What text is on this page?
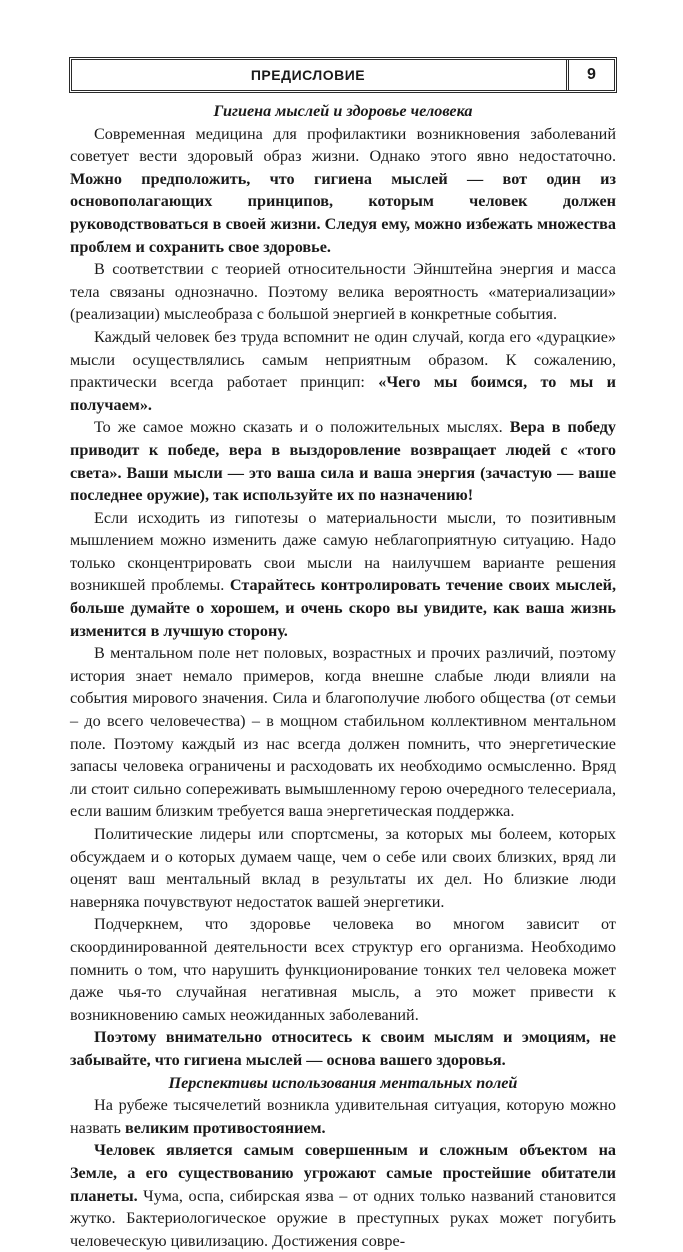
ПРЕДИСЛОВИЕ	9
Гигиена мыслей и здоровье человека

Современная медицина для профилактики возникновения заболеваний советует вести здоровый образ жизни. Однако этого явно недостаточно. Можно предположить, что гигиена мыслей — вот один из основополагающих принципов, которым человек должен руководствоваться в своей жизни. Следуя ему, можно избежать множества проблем и сохранить свое здоровье.

В соответствии с теорией относительности Эйнштейна энергия и масса тела связаны однозначно. Поэтому велика вероятность «материализации» (реализации) мыслеобраза с большой энергией в конкретные события.

Каждый человек без труда вспомнит не один случай, когда его «дурацкие» мысли осуществлялись самым неприятным образом. К сожалению, практически всегда работает принцип: «Чего мы боимся, то мы и получаем».

То же самое можно сказать и о положительных мыслях. Вера в победу приводит к победе, вера в выздоровление возвращает людей с «того света». Ваши мысли — это ваша сила и ваша энергия (зачастую — ваше последнее оружие), так используйте их по назначению!

Если исходить из гипотезы о материальности мысли, то позитивным мышлением можно изменить даже самую неблагоприятную ситуацию. Надо только сконцентрировать свои мысли на наилучшем варианте решения возникшей проблемы. Старайтесь контролировать течение своих мыслей, больше думайте о хорошем, и очень скоро вы увидите, как ваша жизнь изменится в лучшую сторону.

В ментальном поле нет половых, возрастных и прочих различий, поэтому история знает немало примеров, когда внешне слабые люди влияли на события мирового значения. Сила и благополучие любого общества (от семьи – до всего человечества) – в мощном стабильном коллективном ментальном поле. Поэтому каждый из нас всегда должен помнить, что энергетические запасы человека ограничены и расходовать их необходимо осмысленно. Вряд ли стоит сильно сопереживать вымышленному герою очередного телесериала, если вашим близким требуется ваша энергетическая поддержка.

Политические лидеры или спортсмены, за которых мы болеем, которых обсуждаем и о которых думаем чаще, чем о себе или своих близких, вряд ли оценят ваш ментальный вклад в результаты их дел. Но близкие люди наверняка почувствуют недостаток вашей энергетики.

Подчеркнем, что здоровье человека во многом зависит от скоординированной деятельности всех структур его организма. Необходимо помнить о том, что нарушить функционирование тонких тел человека может даже чья-то случайная негативная мысль, а это может привести к возникновению самых неожиданных заболеваний.

Поэтому внимательно относитесь к своим мыслям и эмоциям, не забывайте, что гигиена мыслей — основа вашего здоровья.

Перспективы использования ментальных полей

На рубеже тысячелетий возникла удивительная ситуация, которую можно назвать великим противостоянием.

Человек является самым совершенным и сложным объектом на Земле, а его существованию угрожают самые простейшие обитатели планеты. Чума, оспа, сибирская язва – от одних только названий становится жутко. Бактериологическое оружие в преступных руках может погубить человеческую цивилизацию. Достижения совре-
